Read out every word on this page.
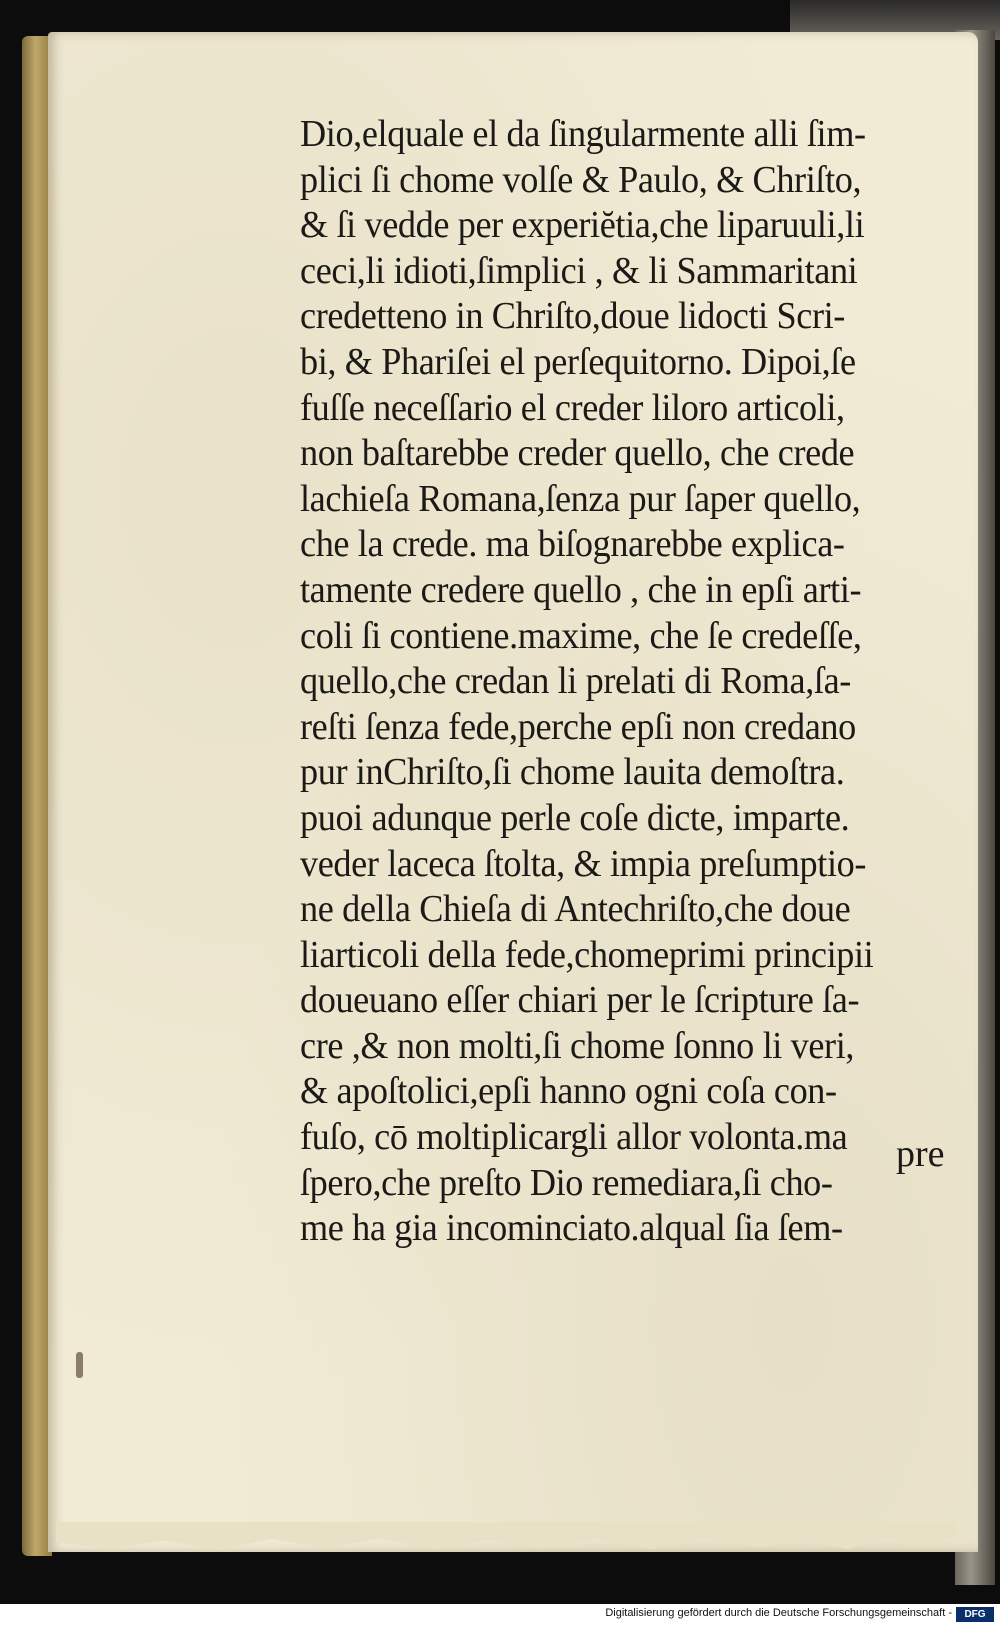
Dio,elquale el da ſingularmente alli ſim-
plici ſi chome volſe & Paulo, & Chriſto,
& ſi vedde per experiĕtia,che liparuuli,li
ceci,li idioti,ſimplici , & li Sammaritani
credetteno in Chriſto,doue lidocti Scri-
bi, & Phariſei el perſequitorno. Dipoi,ſe
fuſſe neceſſario el creder liloro articoli,
non baſtarebbe creder quello, che crede
lachieſa Romana,ſenza pur ſaper quello,
che la crede. ma biſognarebbe explica-
tamente credere quello , che in epſi arti-
coli ſi contiene.maxime, che ſe credeſſe,
quello,che credan li prelati di Roma,ſa-
reſti ſenza fede,perche epſi non credano
pur inChriſto,ſi chome lauita demoſtra.
puoi adunque perle coſe dicte, imparte.
veder laceca ſtolta, & impia preſumptio-
ne della Chieſa di Antechriſto,che doue
liarticoli della fede,chomeprimi principii
doueuano eſſer chiari per le ſcripture ſa-
cre ,& non molti,ſi chome ſonno li veri,
& apoſtolici,epſi hanno ogni coſa con-
fuſo, cō moltiplicargli allor volonta.ma
ſpero,che preſto Dio remediara,ſi cho-
me ha gia incominciato.alqual ſia ſem-
pre
Digitalisierung gefördert durch die Deutsche Forschungsgemeinschaft -	DFG
